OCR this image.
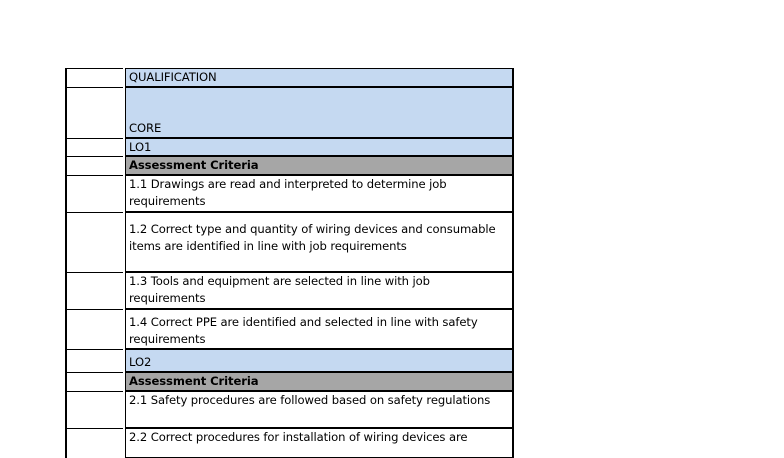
QUALIFICATION
CORE
LO1
Assessment Criteria
1.1 Drawings are read and interpreted to determine job requirements
1.2 Correct type and quantity of wiring devices and consumable items are identified in line with job requirements
1.3 Tools and equipment are selected in line with job requirements
1.4 Correct PPE are identified and selected in line with safety requirements
LO2
Assessment Criteria
2.1 Safety procedures are followed based on safety regulations
2.2 Correct procedures for installation of wiring devices are
